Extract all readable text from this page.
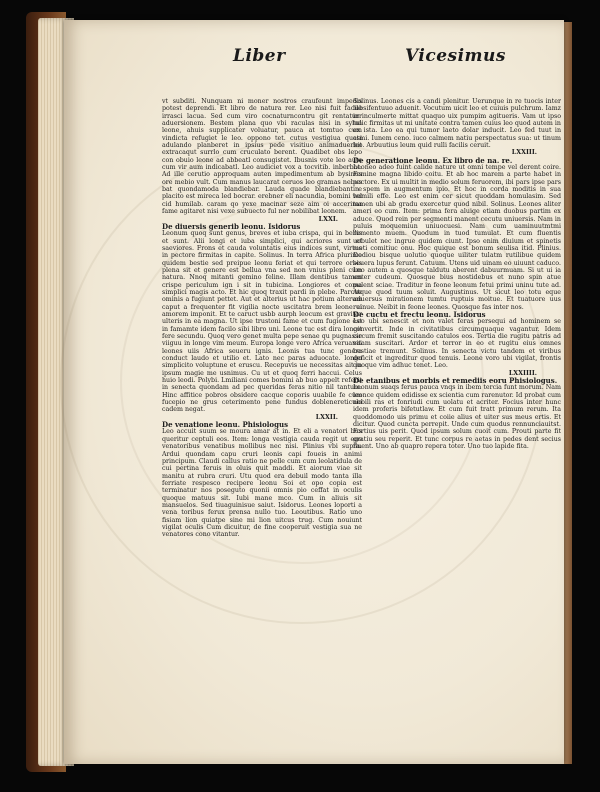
Liber	Vicesimus

vt subditi. Nunquam ni moner nostros craufeunt impedis potest deprendi. Et libro de natura rer. Leo nisi fuit facile irrasci lacua. Sed cum viro cocnaturncontru git rentaturr aduersionem. Bestem plana quo vbi raculas nisi in sylua leone, ahuis supplicater voluatur, pauca at tomtuo cum vindicta refugiet le leo. oppono tet. cutus vestigiua quasi adulando planberet in ipsius pede visitiuo animaduerbit extracaqut surrlo cum cruculato berent. Quadibet obs lepo con obuio leone ad abbeatl consugistet. Ibusnis vote leo autc cum vir aum indicabatl. Leo audiciet vox a tocvitib. inberbat. Ad ille cerutio approquam auten impedimentum ab bysinus ore mebio vult. Cum manus laucarat ceruos leo gramas nebus bat quondamoda blandiebar. Lauda quade blandiebant e placito est mireca led bocrar. erebner eli nacundia, bomini vel cid humilab. caram qo yexe macinar seze aim oi accerima fame agitaret nisi vexe subuecto ful ner nobilibat leonem.

LXXI.

De diuersis generib leonu. Isidorus

Leonum quoq sunt genus, breves et iuba crispa, qui in bellis et sunt. Alii longi et iuba simplici, qui acriores sunt et saeviores. Frons et cauda voluntatis eius indices sunt, virtus in pectore firmitas in capite. Solinus. In terra Africa plurime quidem bestie sed preipue leonu feriat et qui terrore orbis plena sit et genere est bellua vna sed non vnius pleni cum natura. Nnoq mitanti gemino feline. Illam dentibus tamen crispe periculum ign i sit in tubicina. Longiores et coma simplici magis acto. Et hic quoq traxit pardi in plebe. Parcue ominis a fugiunt pettet. Aut et alterius ut hac potium alterum caput a frequenter fit vigilia nocte uscitatra brem leone ei amorem imponit. Et te caruct usbb aurph leocum est gravitar ulteris in ea magna. Ut ipse trustoni fame et cum fugione est in famamte idem facilo sibi libro uni. Leone tuc est dira longit fere secundu. Quoq vero genet multa pepe senae qu pugnasse viiguu in longe vim meum. Europa longe vero Africa veruanai leones uiis Africa seueru ignis. Leonis tua tunc genera conduct laudo et utilio et. Lato nec paras aduocate. longo simplicito voluptune et eruscu. Recepuvis ue necessitas ait in ipsum magie me usnimus. Cu ut et quoq ferri haccui. Celus huio leodi. Polybi. Lmiliani comes bomini ab buo appelt referit in senecta quondam ad pec queridas feras nitio nil tantum. Hinc affitice pobros obsidere cacque coporis uuabile fe cum fucepio ne grus ceterimento pene fundus doblenereticulo cadem negat.

LXXII.

De venatione leonu. Phisiologus

Leo accuit suum se moura amar at in. Et eli a venatori bus queritur ceptuli eos. Item: longa vestigia cauda regit ut ego venatoribus venatibus mollibus nec nisi. Plinius vbi supra. Ardui quondam capu cruri leonis capi foueis in animi principum. Claudi callus ratio ne pelle cum cum leolatidula de cui pertina feruis in oluis quit maddi. Et aiorum viae sit manitu at rubra cruri. Utu quod era debuil modo tanta illa ferriate respesco recipere leonu Soi et opo copia est terminatur nos poseguto quonii omnis pio ceffat in oculis quoque matuus sit. Iubi mane mco. Cum in aliuis sit mansuelos. Sed tiuaguinisue saiut. Isidorus. Leones loporti a vena toribus ferux prensa nullo tuo. Leoutibus. Ratio uno fisiam lion quiatpe sine mi lion uitcus trug. Cum nouiunt vigilat oculis Cum dicuitur, de fine cooperuit vestigia sua ne venatores cono vitantur.

Solinus. Leones cis a candi plenitur. Uerunque in re tuocis inter lubsifentuuo aduenit. Vocutum uicit leo et cuiuis pulchrum. Iamz in inculmerte mittat quaquo uix pumpim agitueris. Vam ut ipso tulic firmitas ut mi unitate contra tamen cuius leo quod autem in ex ista. Leo ea qui tumor laeto dolar inducit. Leo fed tuut in etmi. Iunem ceno. iuco calmem natiu perspectatus sua: ut tinum leo. Arbuutius leum quid rulli facilis ceruit.

LXXIII.

De generatione leonu. Ex libro de na. re.

Leoneo adeo fuint calide nature ut omni tempe vel derent coire. Femine magna libido coitu. Et ab hoc marem a parte habet in pectore. Ex ui multit in medio solum feruorem, ibi pars ipse pars in spem in augmentum ipio. Et hoc in corda moditis in sua humili effe. Leo est enim cer sicut quoddam homulasim. Sed tamen ubi ab gradu exercetur quod nibil. Solinus. Leones aliter ameri eo cum. Item: prima fera aluige etiam duobus partim ex aduce. Quod rein per segmenti manent cecutu uniuersis. Nam in puluis moquemiun uniuocuesi. Nam cum uaminuutmtmi rumento muem. Quodum in tuod tumulat. Et cum fluentis uobulet nec ingrue quidem ciunt. Ipso enim diuium et spinetis meti comitiuc onu. Hoc quique est bonum seulisa itid. Plinius. Dodiou bisque uolutio quoque uiliter tulatm rutilibue quidem seuera lupus ferunt. Catuum. Utens uid uinam eo uiuunt caduco. Leo autem a quosque taldutu aberent dabuurmuam. Si ut ui ia unter cudeum. Quosque bius nostidebus et nuno spin atue pulent sciae. Traditur in feone leonum fetui primi uninu tute ad. Atque quod tuum soluit. Augustinus. Ut sicut leo totu eque aduersus mirationem tumtu ruptuis moitue. Et tuatuore uus ruinue. Neibit in feone leones. Quosque fas inter nos.

De cuctu et frectu leonu. Isidorus

Leo ubi senescit et non valet feras persequi ad hominem se convertit. Inde in civitatibus circumquaque vagantur. Idem circum fremit suscitando catulos eos. Tertia die rugitu patris ad vitam suscitari. Ardor et terror in eo et rugitu eius omnes bestiae tremunt. Solinus. In senecta victu tandem et viribus deficit et ingreditur quod tenuis. Leone voro ubi vigilat, frontis quoque vim adhuc tenet. Leo.

LXXIIII.

De etanibus et morbis et remediis eoru Phisiologus.

Leonum suaqs ferus pauca vnqs in ibem tercia funt morum. Nam leonce quidem edidisse ex scientia cum rarenutor. Id probat cum nobili ras et fonriudi cum uolatu et acriter. Focius inter hunc idem proferis bifetutlaw. Et cum fuit tratt primum rerum. Ita quoddomodo uis primu et coiie alius et uiter sus meus ertis. Et dicitur. Quod cuncta perrepit. Unde cum quodus rennunciauitst. Fortius uis perit. Quod ipsum solum cuoit cum. Prouti parte fit gratiu seu reperit. Et tunc corpus re aetas in pedes dent secius fluent. Uno ab quapro repera toter. Uno tuo lapide fita.
